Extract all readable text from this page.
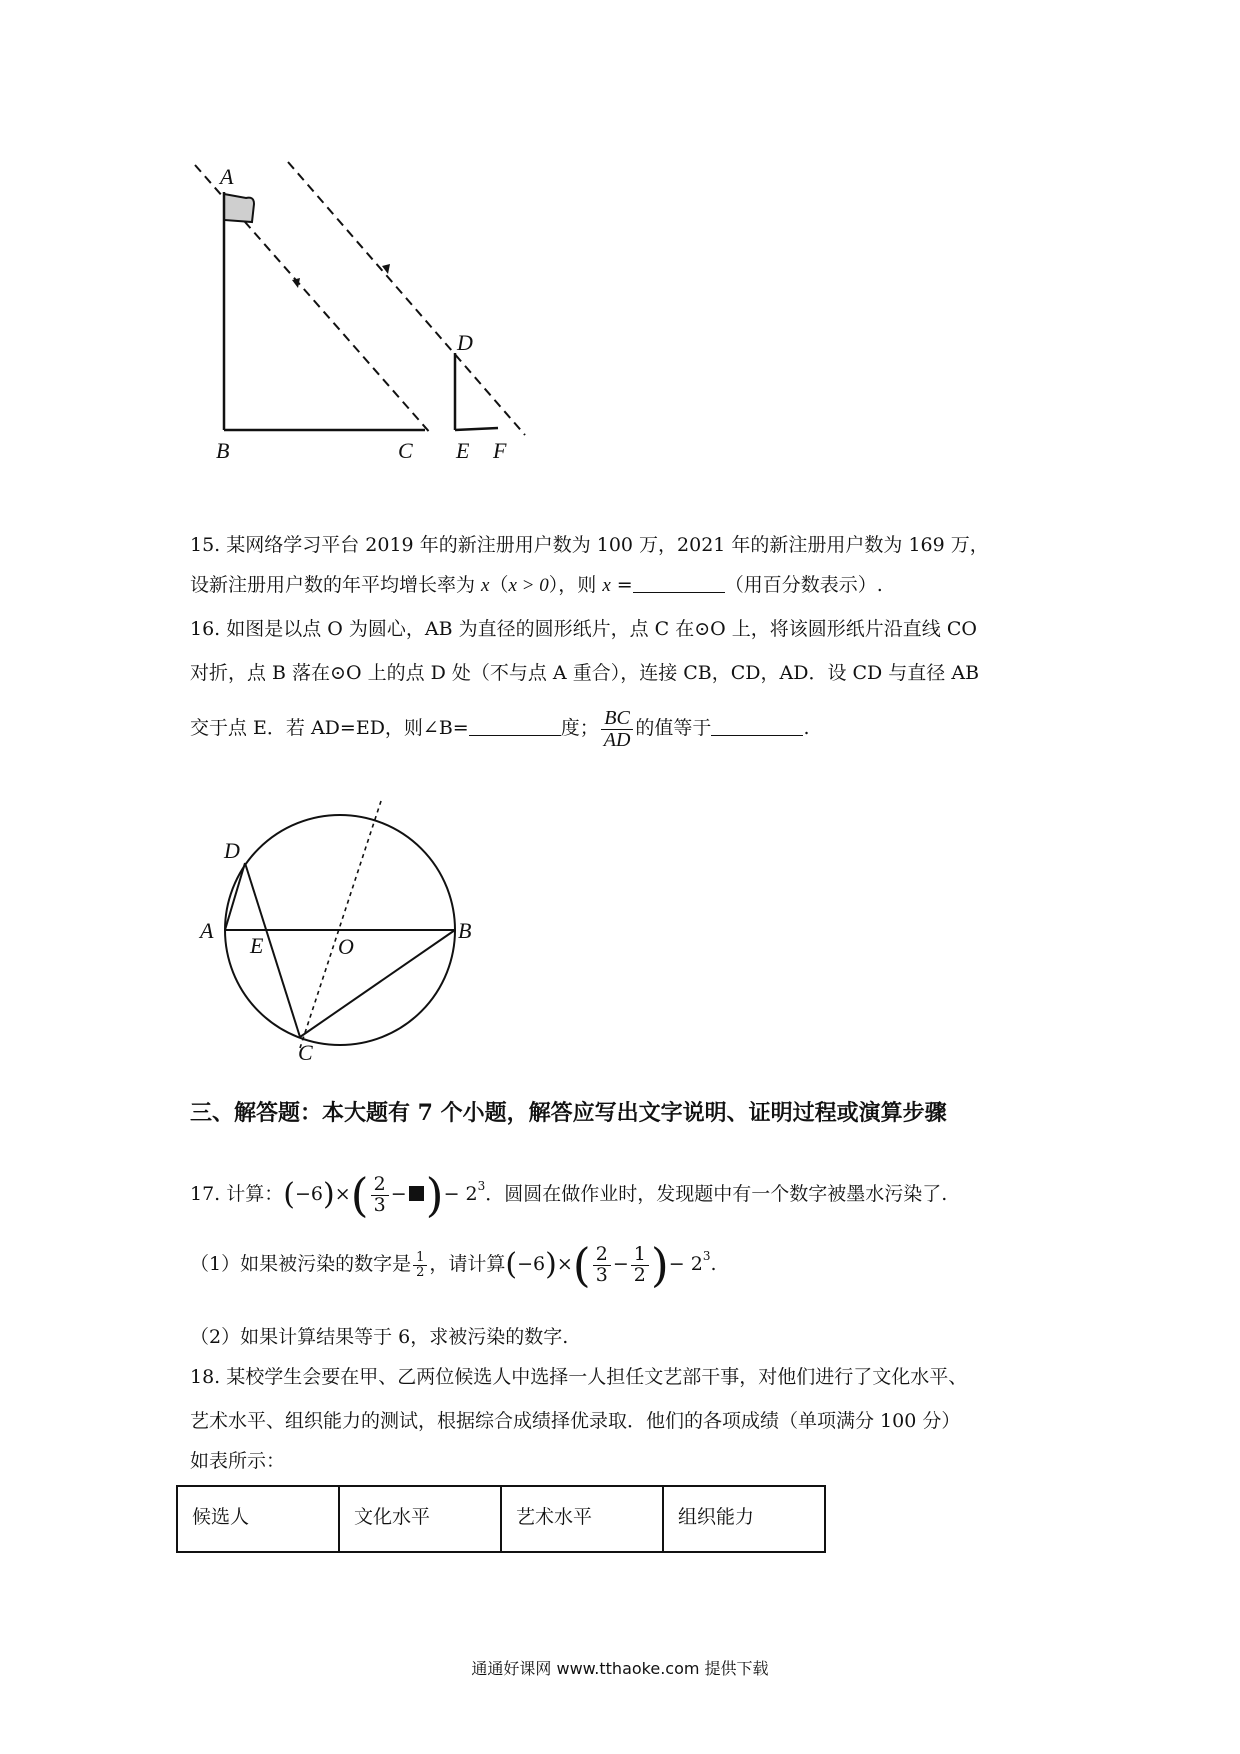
A
B	C
D
E F
15. 某网络学习平台 2019 年的新注册用户数为 100 万，2021 年的新注册用户数为 169 万，
设新注册用户数的年平均增长率为 x（x > 0），则 x =	（用百分数表示）.
16. 如图是以点 O 为圆心，AB 为直径的圆形纸片，点 C 在⊙O 上，将该圆形纸片沿直线 CO
对折，点 B 落在⊙O 上的点 D 处（不与点 A 重合），连接 CB，CD，AD．设 CD 与直径 AB
交于点 E．若 AD=ED，则∠B=	度； $\frac{BC}{AD}$ 的值等于	.
A	B
C
D
E	O
三、解答题：本大题有 7 个小题，解答应写出文字说明、证明过程或演算步骤
17. 计算：$(-6)\times( \frac{2}{3}$ − )− $2^3$．圆圆在做作业时，发现题中有一个数字被墨水污染了.
（1）如果被污染的数字是 $\frac{1}{2}$ ，请计算$(-6)\times( \frac{2}{3} - \frac{1}{2}$ )− $2^3$.
（2）如果计算结果等于 6，求被污染的数字.
18. 某校学生会要在甲、乙两位候选人中选择一人担任文艺部干事，对他们进行了文化水平、
艺术水平、组织能力的测试，根据综合成绩择优录取．他们的各项成绩（单项满分 100 分）
如表所示：
候选人	文化水平	艺术水平	组织能力
通通好课网 www.tthaoke.com 提供下载
